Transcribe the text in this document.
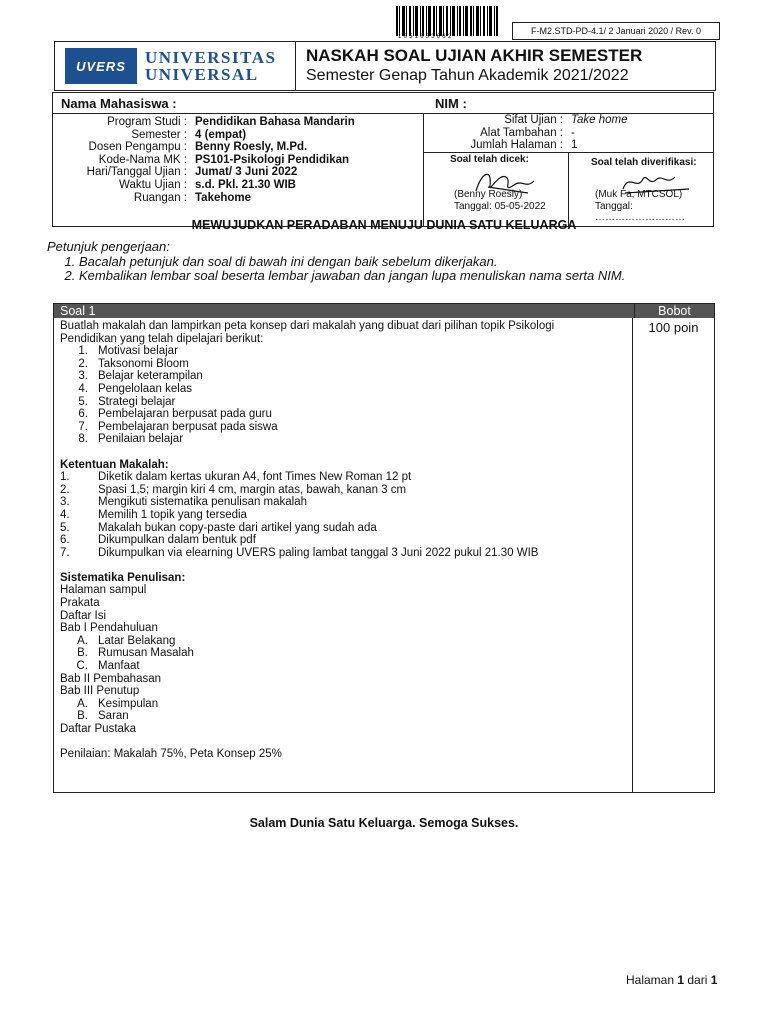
1651653662
F-M2.STD-PD-4.1/ 2 Januari 2020 / Rev. 0
UVERS	UNIVERSITAS
UNIVERSAL
NASKAH SOAL UJIAN AKHIR SEMESTER
Semester Genap Tahun Akademik 2021/2022
Nama Mahasiswa :	NIM :
Program Studi : Pendidikan Bahasa Mandarin
Semester : 4 (empat)
Dosen Pengampu : Benny Roesly, M.Pd.
Kode-Nama MK : PS101-Psikologi Pendidikan
Hari/Tanggal Ujian : Jumat/ 3 Juni 2022
Waktu Ujian : s.d. Pkl. 21.30 WIB
Ruangan : Takehome
Sifat Ujian : Take home
Alat Tambahan : -
Jumlah Halaman : 1
Soal telah dicek:
(Benny Roesly)
Tanggal: 05-05-2022
Soal telah diverifikasi:
(Muk Fa, MTCSOL)
Tanggal: ………………………
MEWUJUDKAN PERADABAN MENUJU DUNIA SATU KELUARGA
Petunjuk pengerjaan:
1. Bacalah petunjuk dan soal di bawah ini dengan baik sebelum dikerjakan.
2. Kembalikan lembar soal beserta lembar jawaban dan jangan lupa menuliskan nama serta NIM.
Soal 1	Bobot
Buatlah makalah dan lampirkan peta konsep dari makalah yang dibuat dari pilihan topik Psikologi
Pendidikan yang telah dipelajari berikut:
1. Motivasi belajar
2. Taksonomi Bloom
3. Belajar keterampilan
4. Pengelolaan kelas
5. Strategi belajar
6. Pembelajaran berpusat pada guru
7. Pembelajaran berpusat pada siswa
8. Penilaian belajar
Ketentuan Makalah:
1.	Diketik dalam kertas ukuran A4, font Times New Roman 12 pt
2.	Spasi 1,5; margin kiri 4 cm, margin atas, bawah, kanan 3 cm
3.	Mengikuti sistematika penulisan makalah
4.	Memilih 1 topik yang tersedia
5.	Makalah bukan copy-paste dari artikel yang sudah ada
6.	Dikumpulkan dalam bentuk pdf
7.	Dikumpulkan via elearning UVERS paling lambat tanggal 3 Juni 2022 pukul 21.30 WIB
Sistematika Penulisan:
Halaman sampul
Prakata
Daftar Isi
Bab I Pendahuluan
A. Latar Belakang
B. Rumusan Masalah
C. Manfaat
Bab II Pembahasan
Bab III Penutup
A. Kesimpulan
B. Saran
Daftar Pustaka
Penilaian: Makalah 75%, Peta Konsep 25%
100 poin
Salam Dunia Satu Keluarga. Semoga Sukses.
Halaman 1 dari 1
